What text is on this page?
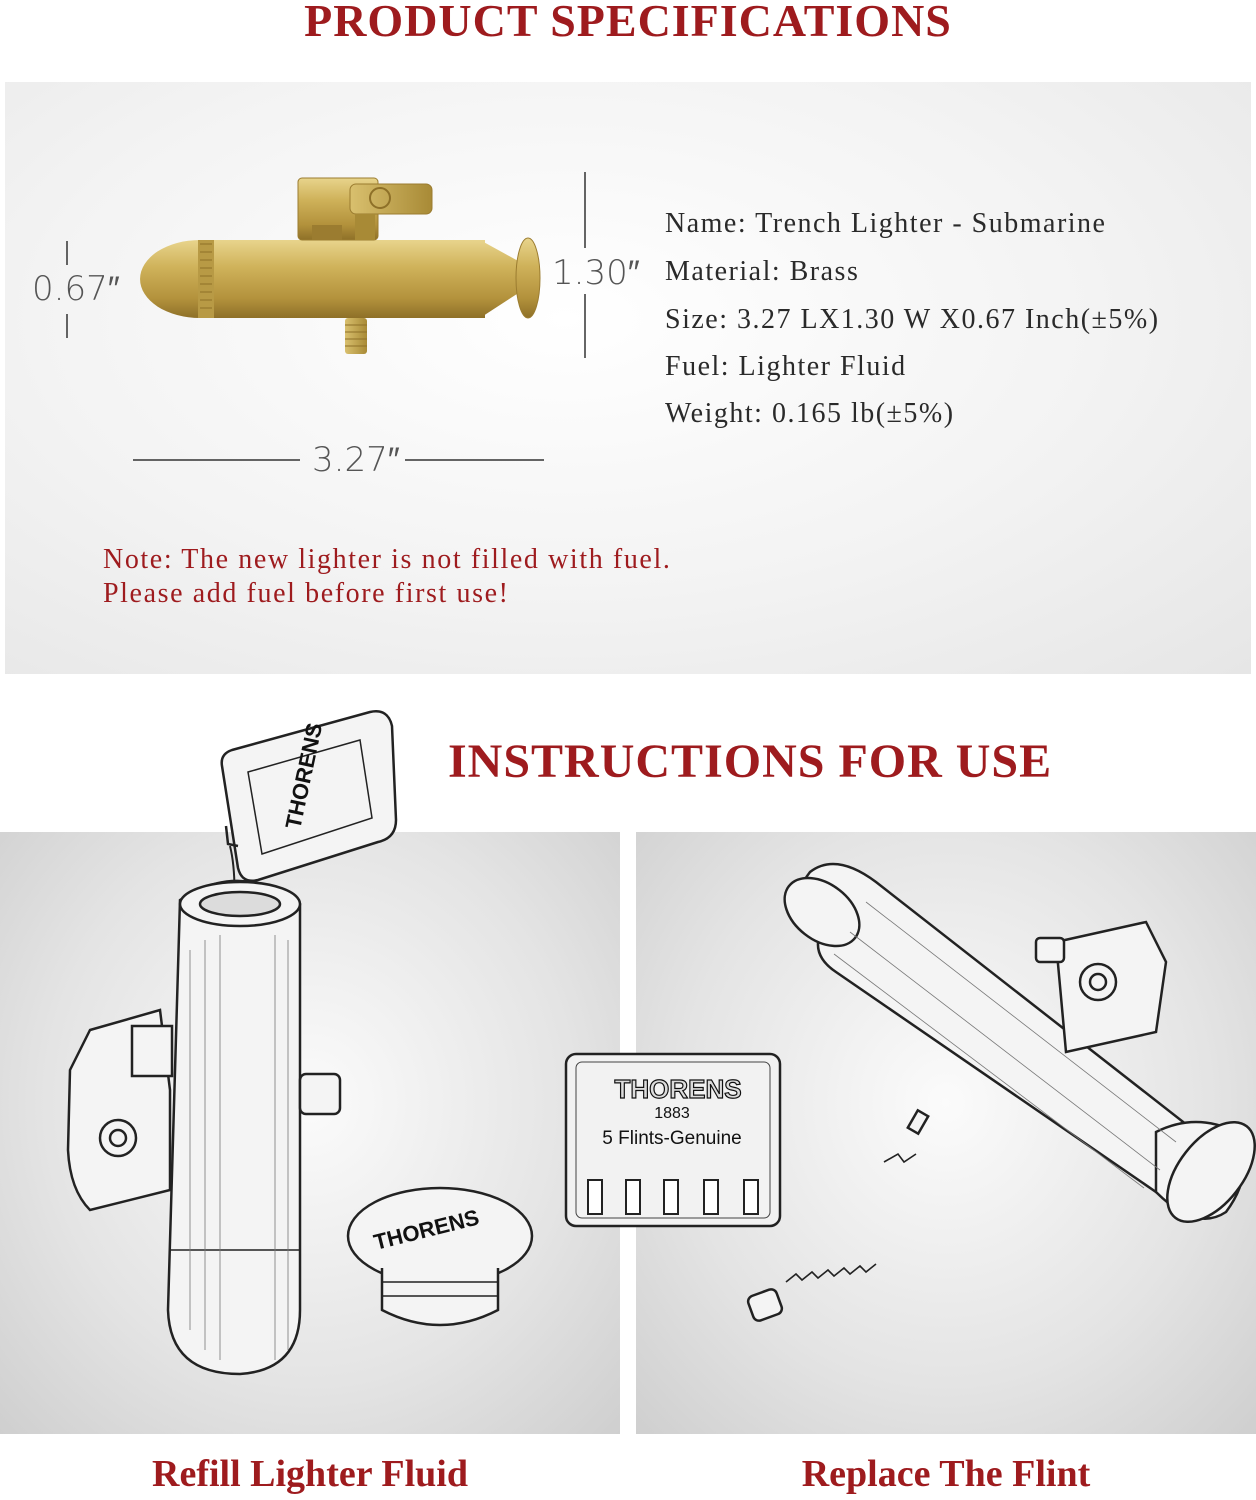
PRODUCT SPECIFICATIONS
0.67″	1.30″
3.27″
Name: Trench Lighter - Submarine
Material: Brass
Size: 3.27 LX1.30 W X0.67 Inch(±5%)
Fuel: Lighter Fluid
Weight: 0.165 lb(±5%)
Note: The new lighter is not filled with fuel.
Please add fuel before first use!
INSTRUCTIONS FOR USE
THORENS
THORENS
THORENS
1883
5 Flints-Genuine
Refill Lighter Fluid	Replace The Flint
